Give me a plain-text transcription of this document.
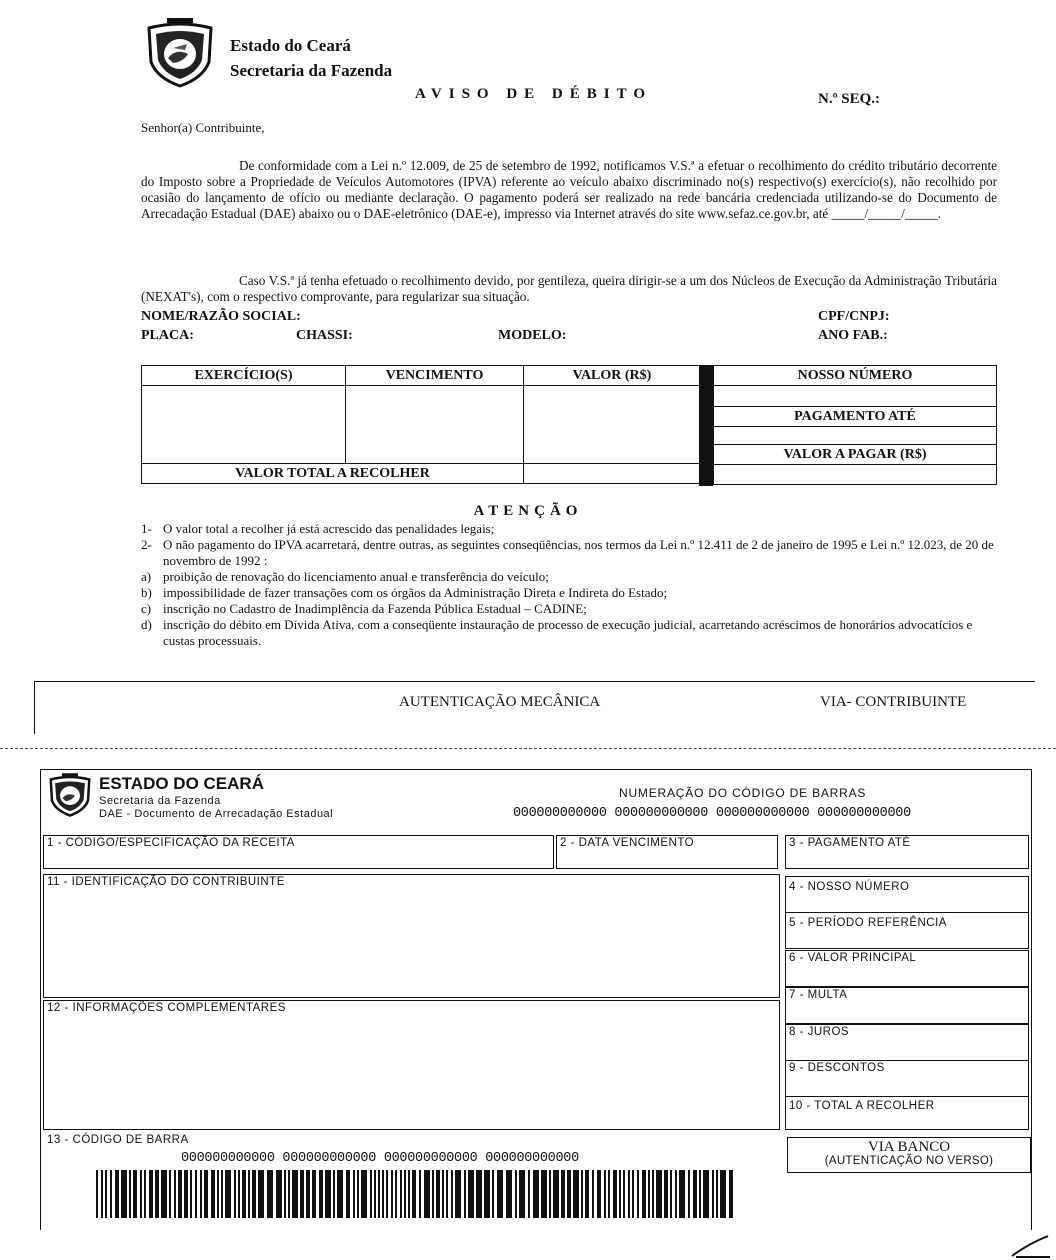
Estado do Ceará
Secretaria da Fazenda
AVISO DE DÉBITO	N.º SEQ.:
Senhor(a) Contribuinte,
De conformidade com a Lei n.º 12.009, de 25 de setembro de 1992, notificamos V.S.ª a efetuar o recolhimento do crédito tributário decorrente do Imposto sobre a Propriedade de Veículos Automotores (IPVA) referente ao veículo abaixo discriminado no(s) respectivo(s) exercício(s), não recolhido por ocasião do lançamento de ofício ou mediante declaração. O pagamento poderá ser realizado na rede bancária credenciada utilizando-se do Documento de Arrecadação Estadual (DAE) abaixo ou o DAE-eletrônico (DAE-e), impresso via Internet através do site www.sefaz.ce.gov.br, até _____/_____/_____.
Caso V.S.ª já tenha efetuado o recolhimento devido, por gentileza, queira dirigir-se a um dos Núcleos de Execução da Administração Tributária (NEXAT's), com o respectivo comprovante, para regularizar sua situação.
NOME/RAZÃO SOCIAL:	CPF/CNPJ:
PLACA:	CHASSI:	MODELO:	ANO FAB.:
EXERCÍCIO(S)	VENCIMENTO	VALOR (R$)

VALOR TOTAL A RECOLHER		
NOSSO NÚMERO

PAGAMENTO ATÉ

VALOR A PAGAR (R$)

ATENÇÃO
1- O valor total a recolher já está acrescido das penalidades legais;
2- O não pagamento do IPVA acarretará, dentre outras, as seguintes conseqüências, nos termos da Lei n.º 12.411 de 2 de janeiro de 1995 e Lei n.º 12.023, de 20 de novembro de 1992 :
a) proibição de renovação do licenciamento anual e transferência do veículo;
b) impossibilidade de fazer transações com os órgãos da Administração Direta e Indireta do Estado;
c) inscrição no Cadastro de Inadimplência da Fazenda Pública Estadual – CADINE;
d) inscrição do débito em Dívida Ativa, com a conseqüente instauração de processo de execução judicial, acarretando acréscimos de honorários advocatícios e custas processuais.
AUTENTICAÇÃO MECÂNICA	VIA- CONTRIBUINTE
ESTADO DO CEARÁ
Secretaria da Fazenda
DAE - Documento de Arrecadação Estadual
NUMERAÇÃO DO CÓDIGO DE BARRAS
000000000000 000000000000 000000000000 000000000000
1 - CÓDIGO/ESPECIFICAÇÃO DA RECEITA	2 - DATA VENCIMENTO	3 - PAGAMENTO ATÉ
11 - IDENTIFICAÇÃO DO CONTRIBUINTE
12 - INFORMAÇÕES COMPLEMENTARES
4 - NOSSO NÚMERO
5 - PERÍODO REFERÊNCIA
6 - VALOR PRINCIPAL
7 - MULTA
8 - JUROS
9 - DESCONTOS
10 - TOTAL A RECOLHER
13 - CÓDIGO DE BARRA
000000000000 000000000000 000000000000 000000000000
VIA BANCO
(AUTENTICAÇÃO NO VERSO)
